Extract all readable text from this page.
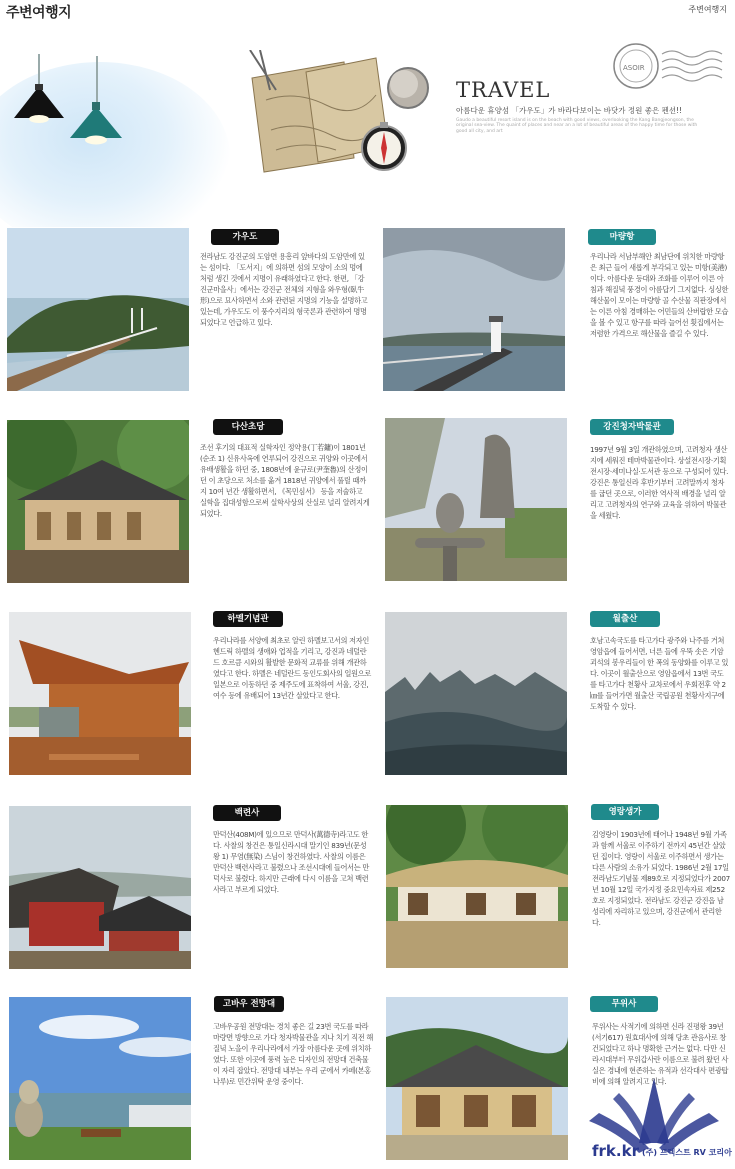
주변여행지	주변여행지
TRAVEL
아름다운 휴양섬 「가우도」가 바라다보이는 바닷가 정원 좋은 펜션!!
Gaudo a beautiful resort island is on the beach with good views, overlooking the Kang Bangjeongson, the original sea-view. The quaint of places and near an a lot of beautiful areas of the happy time for those with good all city, and art
ASOIR
가우도
전라남도 강진군의 도암면 용흥리 앞바다의 도암만에 있는 섬이다. 「도서지」에 의하면 섬의 모양이 소의 멍에처럼 생긴 것에서 지명이 유래하였다고 한다. 한편, 「강진군마을사」에서는 강진군 전체의 지형을 와우형(臥牛形)으로 묘사하면서 소와 관련된 지명의 기능을 설명하고 있는데, 가우도도 이 풍수지리의 형국론과 관련하여 명명되었다고 언급하고 있다.
마량항
우리나라 서남부해안 최남단에 위치한 마량항은 최근 들어 새롭게 부각되고 있는 미항(美港)이다. 아름다운 등대와 조화를 이루어 이른 아침과 해질녘 풍경이 아름답기 그지없다. 싱싱한 해산물이 모이는 마량항 골 수산물 직판장에서는 이른 아침 경매하는 어민들의 산버랍한 모습을 볼 수 있고 항구를 따라 늘어선 횟집에서는 저렴한 가격으로 해산물을 즐길 수 있다.
다산초당
조선 후기의 대표적 실학자인 정약용(丁若鏞)이 1801년(순조 1) 신유사옥에 연루되어 강진으로 귀양와 이곳에서 유배생활을 하던 중, 1808년에 윤규로(尹奎魯)의 산정이던 이 초당으로 처소를 옮겨 1818년 귀양에서 풀릴 때까지 10여 년간 생활하면서, 《목민심서》 등을 저술하고 실학을 집대성함으로써 실학사상의 산실로 널리 알려지게 되었다.
강진청자박물관
1997년 9월 3일 개관하였으며, 고려청자 생산지에 세워진 테마박물관이다. 상설전시장·기획전시장·세미나실·도서관 등으로 구성되어 있다. 강진은 통일신라 후반기부터 고려말까지 청자를 굽던 곳으로, 이러한 역사적 배경을 널리 알리고 고려청자의 연구와 교육을 위하여 박물관을 세웠다.
하멜기념관
우리나라를 서양에 최초로 알린 하멜보고서의 저자인 헨드릭 하멜의 생애와 업적을 기리고, 강진과 네덜란드 호르큼 시와의 활발한 문화적 교류를 위해 개관하였다고 한다. 하멜은 네덜란드 동인도회사의 일원으로 일본으로 이동하던 중 제주도에 표착하여 서울, 강진, 여수 등에 유배되어 13년간 살았다고 한다.
월출산
호남고속국도를 타고가다 광주와 나주를 거쳐 영암읍에 들어서면, 너른 들에 우뚝 솟은 기암괴석의 봉우리들이 한 폭의 동양화를 이루고 있다. 이곳이 월출산으로 영암읍에서 13번 국도를 타고가다 천황사 교차로에서 우회전후 약 2㎞를 들어가면 월출산 국립공원 천황사지구에 도착할 수 있다.
백련사
만덕산(408M)에 있으므로 만덕사(萬德寺)라고도 한다. 사찰의 창건은 통일신라시대 말기인 839년(문성왕 1) 무염(無染) 스님이 창건하였다. 사찰의 이름은 만덕산 백련사라고 불렸으나 조선시대에 들어서는 만덕사로 불렸다. 하지만 근래에 다시 이름을 고쳐 백련사라고 부르게 되었다.
영랑생가
김영랑이 1903년에 태어나 1948년 9월 가족과 함께 서울로 이주하기 전까지 45년간 살았던 집이다. 영랑이 서울로 이주하면서 생가는 다른 사람의 소유가 되었다. 1986년 2월 17일 전라남도기념물 제89호로 지정되었다가 2007년 10월 12일 국가지정 중요민속자료 제252호로 지정되었다. 전라남도 강진군 강진읍 남성리에 자리하고 있으며, 강진군에서 관리한다.
고바우 전망대
고바우공원 전망대는 경치 좋은 길 23번 국도를 따라 마량면 방향으로 가다 청자박물관을 지나 치기 직전 해질녘 노을이 우리나라에서 가장 아름다운 곳에 위치하였다. 또한 이곳에 풍력 높은 디자인의 전망대 건축물이 자리 잡았다. 전망대 내부는 우리 군에서 카페(본홍나루)로 민간위탁 운영 중이다.
무위사
무위사는 사적기에 의하면 신라 진평왕 39년(서기617) 원효대사에 의해 당초 관음사로 창건되었다고 하나 명확한 근거는 없다. 다만 신라시대부터 무위갑사란 이름으로 불려 왔던 사실은 경내에 현존하는 유적과 선각대사 편광탑비에 의해 알려지고 있다.
frk.kr (주) 프렉스트 RV 코리아
